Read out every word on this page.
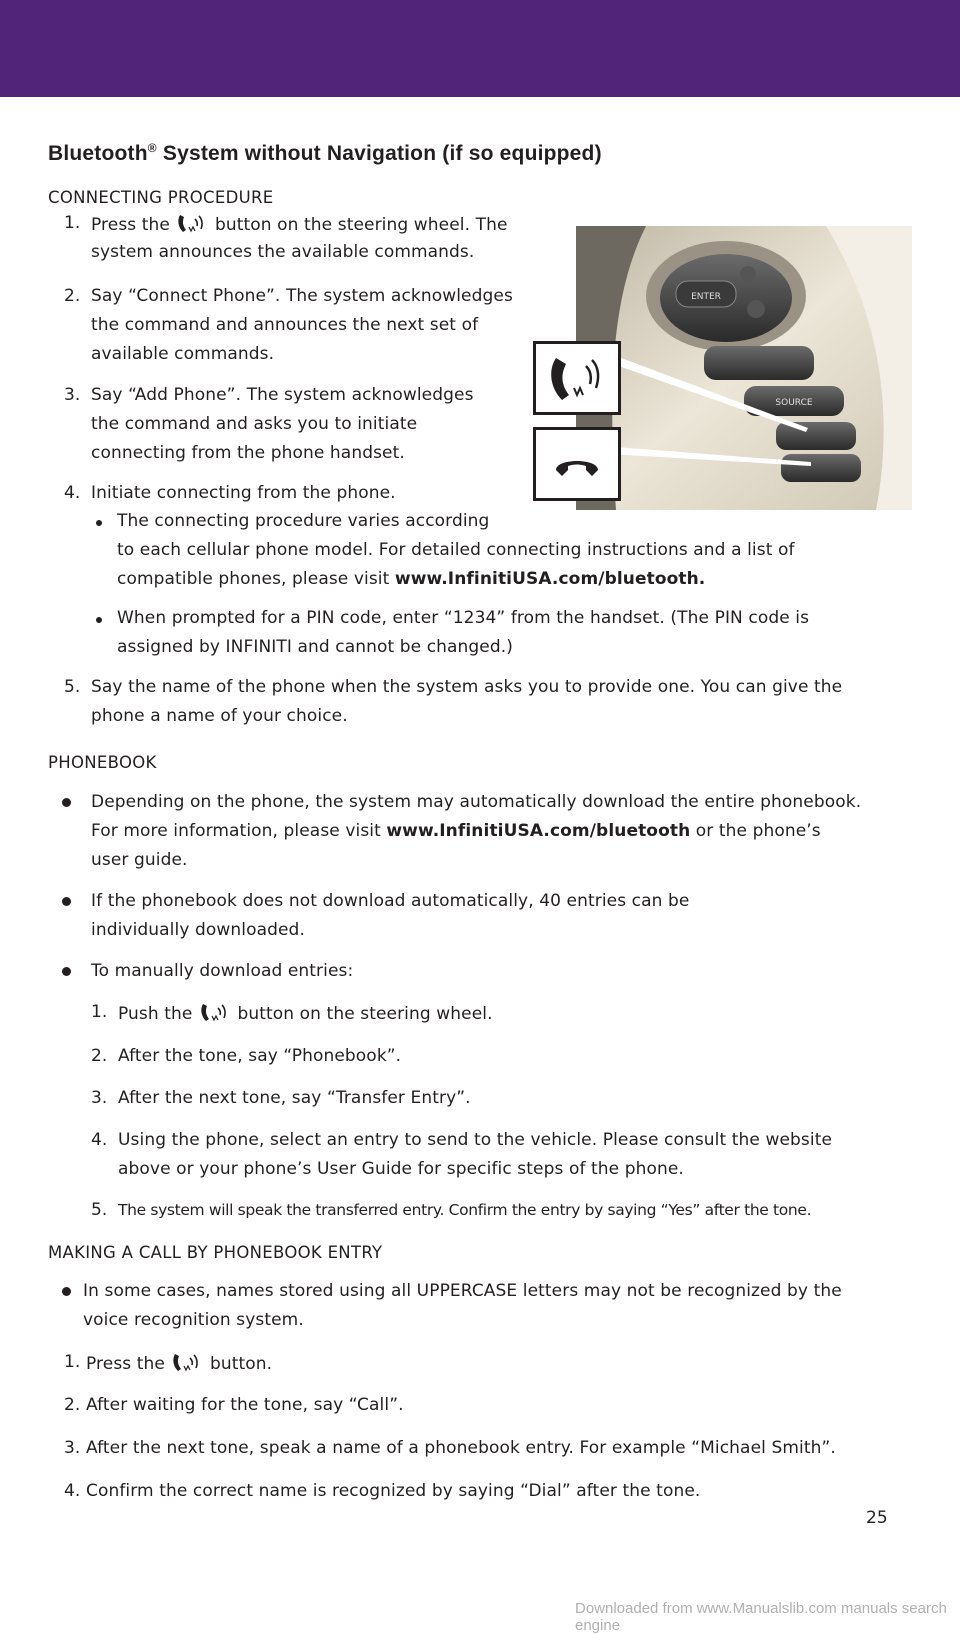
Bluetooth® System without Navigation (if so equipped)
CONNECTING PROCEDURE
1. Press the	button on the steering wheel. The
system announces the available commands.
2. Say “Connect Phone”. The system acknowledges
the command and announces the next set of
available commands.
3. Say “Add Phone”. The system acknowledges
the command and asks you to initiate
connecting from the phone handset.
4. Initiate connecting from the phone.
The connecting procedure varies according
to each cellular phone model. For detailed connecting instructions and a list of
compatible phones, please visit www.InfinitiUSA.com/bluetooth.
When prompted for a PIN code, enter “1234” from the handset. (The PIN code is
assigned by INFINITI and cannot be changed.)
5. Say the name of the phone when the system asks you to provide one. You can give the
phone a name of your choice.
ENTER
SOURCE
PHONEBOOK
Depending on the phone, the system may automatically download the entire phonebook.
For more information, please visit www.InfinitiUSA.com/bluetooth or the phone’s
user guide.
If the phonebook does not download automatically, 40 entries can be
individually downloaded.
To manually download entries:
1. Push the	button on the steering wheel.
2. After the tone, say “Phonebook”.
3. After the next tone, say “Transfer Entry”.
4. Using the phone, select an entry to send to the vehicle. Please consult the website
above or your phone’s User Guide for specific steps of the phone.
5. The system will speak the transferred entry. Confirm the entry by saying “Yes” after the tone.
MAKING A CALL BY PHONEBOOK ENTRY
In some cases, names stored using all UPPERCASE letters may not be recognized by the
voice recognition system.
1. Press the	button.
2. After waiting for the tone, say “Call”.
3. After the next tone, speak a name of a phonebook entry. For example “Michael Smith”.
4. Confirm the correct name is recognized by saying “Dial” after the tone.
25
Downloaded from www.Manualslib.com manuals search engine
